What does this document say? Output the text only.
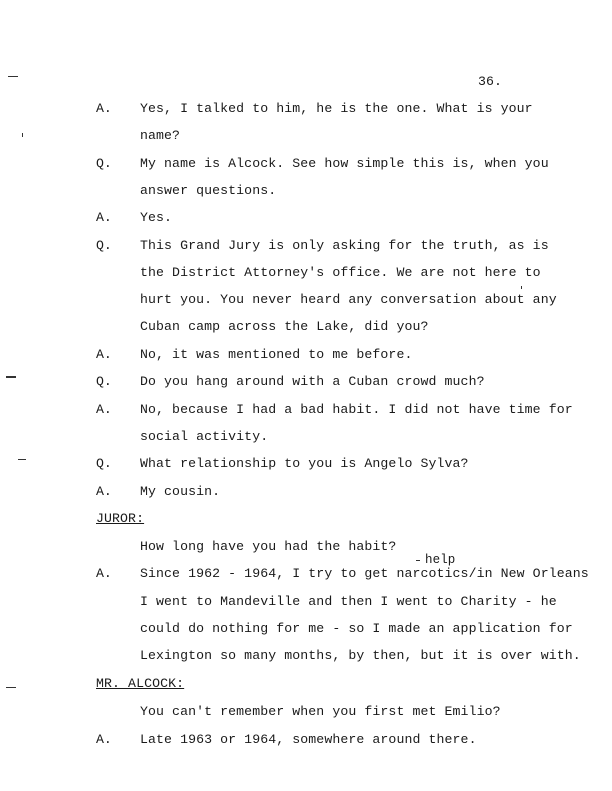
36.
A. Yes, I talked to him, he is the one. What is your
name?
Q. My name is Alcock. See how simple this is, when you
answer questions.
A. Yes.
Q. This Grand Jury is only asking for the truth, as is
the District Attorney's office. We are not here to
hurt you. You never heard any conversation about any
Cuban camp across the Lake, did you?
A. No, it was mentioned to me before.
Q. Do you hang around with a Cuban crowd much?
A. No, because I had a bad habit. I did not have time for
social activity.
Q. What relationship to you is Angelo Sylva?
A. My cousin.
JUROR:
How long have you had the habit?
help
A. Since 1962 - 1964, I try to get narcotics/in New Orleans
I went to Mandeville and then I went to Charity - he
could do nothing for me - so I made an application for
Lexington so many months, by then, but it is over with.
MR. ALCOCK:
You can't remember when you first met Emilio?
A. Late 1963 or 1964, somewhere around there.
